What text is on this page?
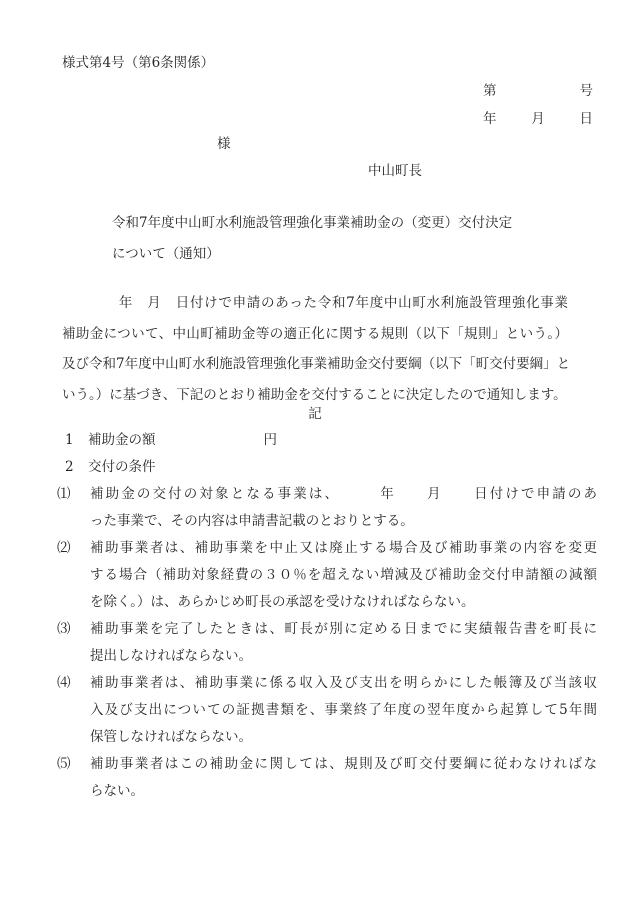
様式第4号（第6条関係）
第	号
年	月	日
様
中山町長
令和7年度中山町水利施設管理強化事業補助金の（変更）交付決定
について（通知）
　　　　年　月　日付けで申請のあった令和7年度中山町水利施設管理強化事業
補助金について、中山町補助金等の適正化に関する規則（以下「規則」という。）
及び令和7年度中山町水利施設管理強化事業補助金交付要綱（以下「町交付要綱」と
いう。）に基づき、下記のとおり補助金を交付することに決定したので通知します。
記
1	補助金の額　　　　　　　　円
2	交付の条件
⑴	補助金の交付の対象となる事業は、　　　年　　月　　日付けで申請のあ
った事業で、その内容は申請書記載のとおりとする。
⑵	補助事業者は、補助事業を中止又は廃止する場合及び補助事業の内容を変更
する場合（補助対象経費の３０％を超えない増減及び補助金交付申請額の減額
を除く。）は、あらかじめ町長の承認を受けなければならない。
⑶	補助事業を完了したときは、町長が別に定める日までに実績報告書を町長に
提出しなければならない。
⑷	補助事業者は、補助事業に係る収入及び支出を明らかにした帳簿及び当該収
入及び支出についての証拠書類を、事業終了年度の翌年度から起算して5年間
保管しなければならない。
⑸	補助事業者はこの補助金に関しては、規則及び町交付要綱に従わなければな
らない。
